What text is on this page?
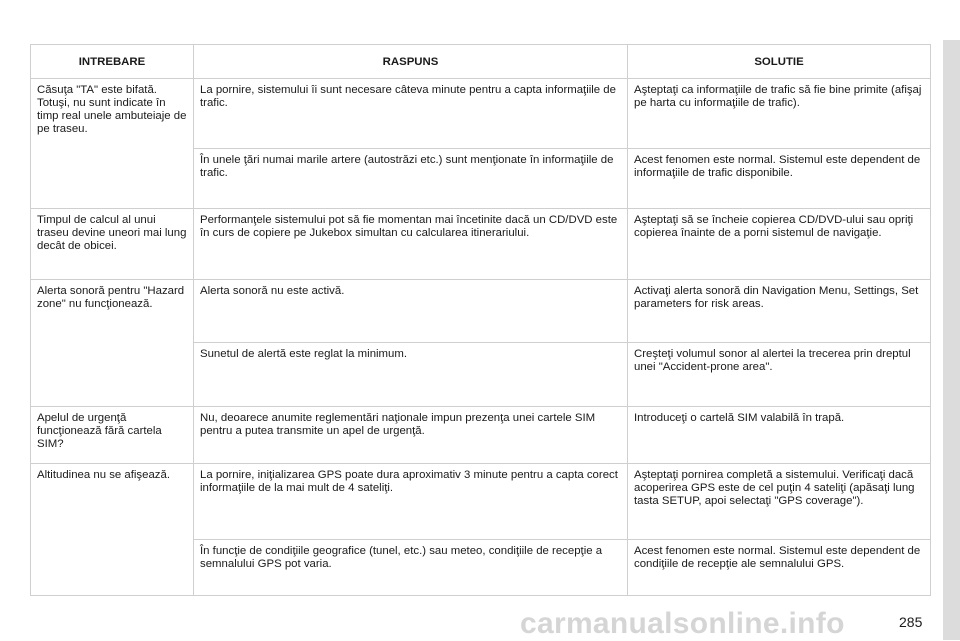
INTREBARE	RASPUNS	SOLUTIE
Căsuţa "TA" este bifată. Totuşi, nu sunt indicate în timp real unele ambuteiaje de pe traseu.	La pornire, sistemului îi sunt necesare câteva minute pentru a capta informaţiile de trafic.	Aşteptaţi ca informaţiile de trafic să fie bine primite (afişaj pe harta cu informaţiile de trafic).
	În unele ţări numai marile artere (autostrăzi etc.) sunt menţionate în informaţiile de trafic.	Acest fenomen este normal. Sistemul este dependent de informaţiile de trafic disponibile.
Timpul de calcul al unui traseu devine uneori mai lung decât de obicei.	Performanţele sistemului pot să fie momentan mai încetinite dacă un CD/DVD este în curs de copiere pe Jukebox simultan cu calcularea itinerariului.	Aşteptaţi să se încheie copierea CD/DVD-ului sau opriţi copierea înainte de a porni sistemul de navigaţie.
Alerta sonoră pentru "Hazard zone" nu funcţionează.	Alerta sonoră nu este activă.	Activaţi alerta sonoră din Navigation Menu, Settings, Set parameters for risk areas.
	Sunetul de alertă este reglat la minimum.	Creşteţi volumul sonor al alertei la trecerea prin dreptul unei "Accident-prone area".
Apelul de urgenţă funcţionează fără cartela SIM?	Nu, deoarece anumite reglementări naţionale impun prezenţa unei cartele SIM pentru a putea transmite un apel de urgenţă.	Introduceţi o cartelă SIM valabilă în trapă.
Altitudinea nu se afişează.	La pornire, iniţializarea GPS poate dura aproximativ 3 minute pentru a capta corect informaţiile de la mai mult de 4 sateliţi.	Aşteptaţi pornirea completă a sistemului. Verificaţi dacă acoperirea GPS este de cel puţin 4 sateliţi (apăsaţi lung tasta SETUP, apoi selectaţi "GPS coverage").
	În funcţie de condiţiile geografice (tunel, etc.) sau meteo, condiţiile de recepţie a semnalului GPS pot varia.	Acest fenomen este normal. Sistemul este dependent de condiţiile de recepţie ale semnalului GPS.
carmanualsonline.info	285
